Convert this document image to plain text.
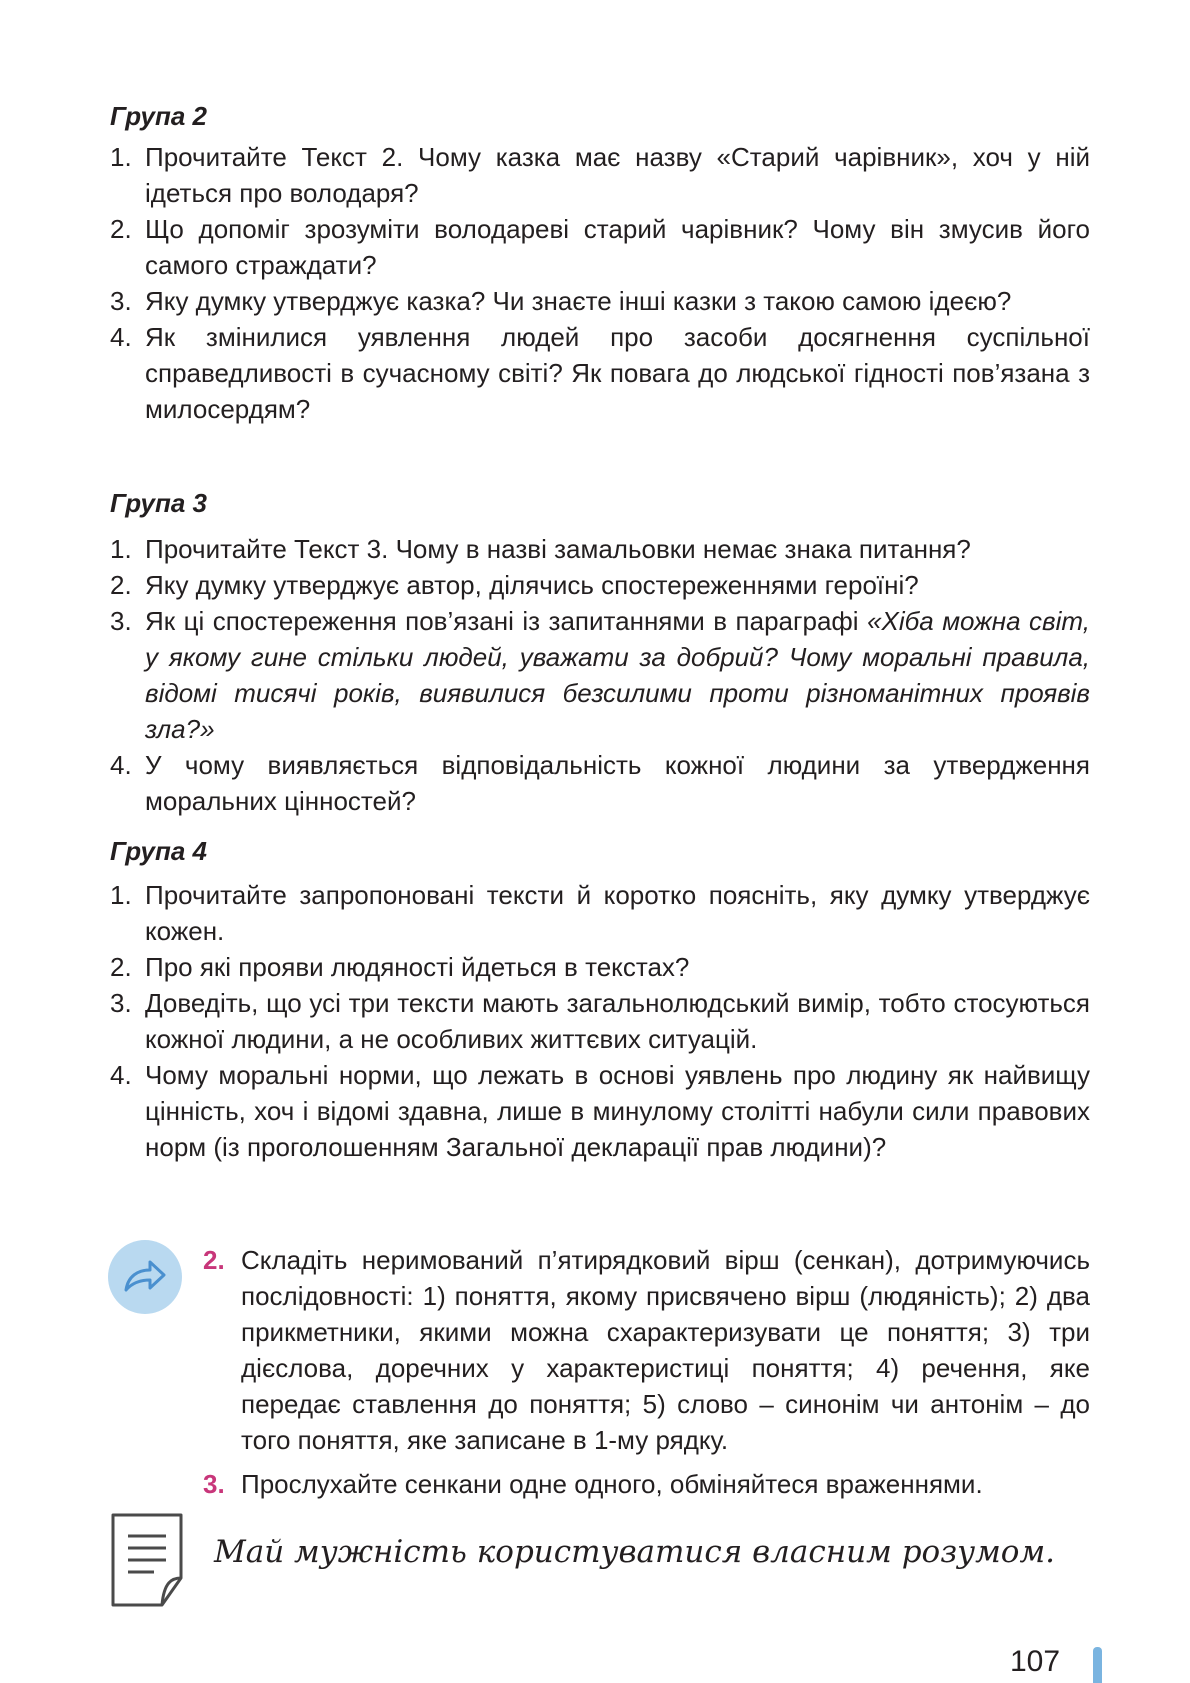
Група 2
1. Прочитайте Текст 2. Чому казка має назву «Старий чарівник», хоч у ній ідеться про володаря?
2. Що допоміг зрозуміти володареві старий чарівник? Чому він змусив його самого страждати?
3. Яку думку утверджує казка? Чи знаєте інші казки з такою самою ідеєю?
4. Як змінилися уявлення людей про засоби досягнення суспільної справедливості в сучасному світі? Як повага до людської гідності пов’язана з милосердям?
Група 3
1. Прочитайте Текст 3. Чому в назві замальовки немає знака питання?
2. Яку думку утверджує автор, ділячись спостереженнями героїні?
3. Як ці спостереження пов’язані із запитаннями в параграфі «Хіба можна світ, у якому гине стільки людей, уважати за добрий? Чому моральні правила, відомі тисячі років, виявилися безсилими проти різноманітних проявів зла?»
4. У чому виявляється відповідальність кожної людини за утвердження моральних цінностей?
Група 4
1. Прочитайте запропоновані тексти й коротко поясніть, яку думку утверджує кожен.
2. Про які прояви людяності йдеться в текстах?
3. Доведіть, що усі три тексти мають загальнолюдський вимір, тобто стосуються кожної людини, а не особливих життєвих ситуацій.
4. Чому моральні норми, що лежать в основі уявлень про людину як найвищу цінність, хоч і відомі здавна, лише в минулому столітті набули сили правових норм (із проголошенням Загальної декларації прав людини)?
2. Складіть неримований п’ятирядковий вірш (сенкан), дотримуючись послідовності: 1) поняття, якому присвячено вірш (людяність); 2) два прикметники, якими можна схарактеризувати це поняття; 3) три дієслова, доречних у характеристиці поняття; 4) речення, яке передає ставлення до поняття; 5) слово – синонім чи антонім – до того поняття, яке записане в 1-му рядку.
3. Прослухайте сенкани одне одного, обміняйтеся враженнями.
Май мужність користуватися власним розумом.
107
